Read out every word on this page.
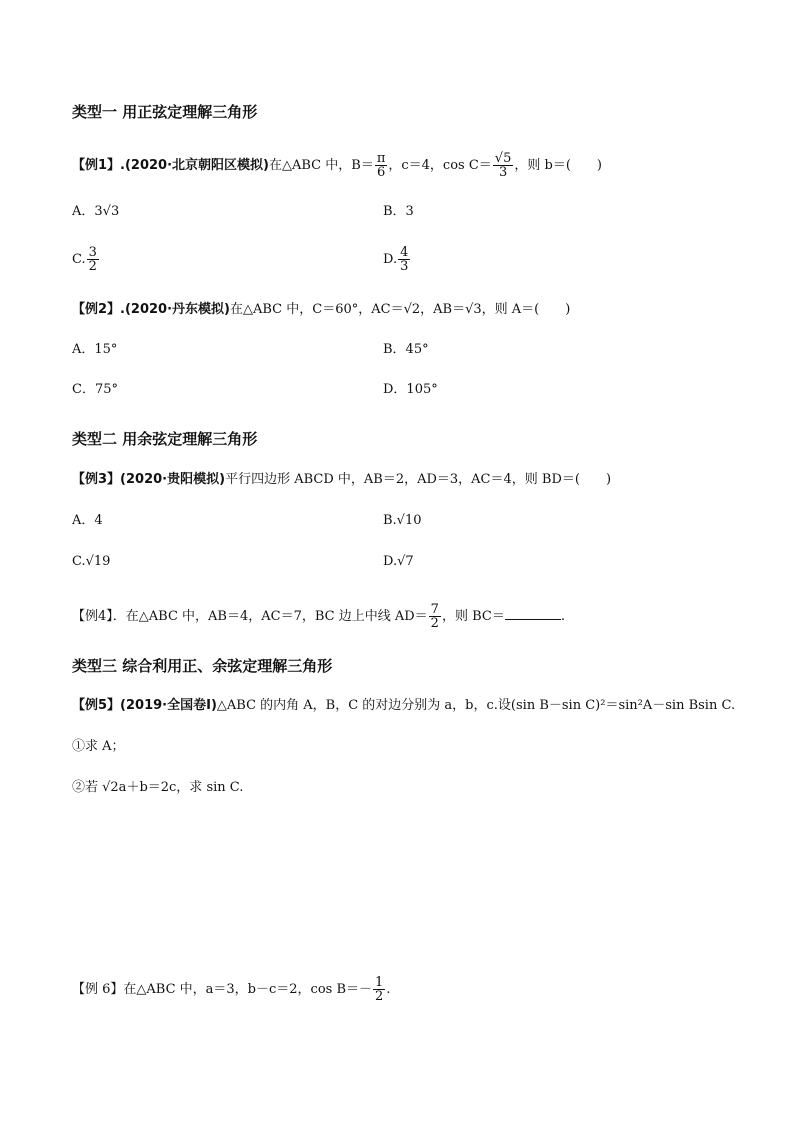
类型一 用正弦定理解三角形
【例1】.(2020·北京朝阳区模拟)在△ABC 中，$B= \frac{\pi}{6}$ ，c＝4，$\cos C= \frac{√5}{3}$ ，则 b＝(　　)
A．3√3	B．3
C. $\frac{3}{2}$	D. $\frac{4}{3}$
【例2】.(2020·丹东模拟)在△ABC 中，C＝60°，AC＝√2，AB＝√3，则 A＝(　　)
A．15°	B．45°
C．75°	D．105°
类型二 用余弦定理解三角形
【例3】(2020·贵阳模拟)平行四边形 ABCD 中，AB＝2，AD＝3，AC＝4，则 BD＝(　　)
A．4	B.√10
C.√19	D.√7
【例4】．在△ABC 中，AB＝4，AC＝7，BC 边上中线 $AD= \frac{7}{2}$ ，则 BC＝	.
类型三 综合利用正、余弦定理解三角形
【例5】(2019·全国卷Ⅰ)△ABC 的内角 A，B，C 的对边分别为 a，b，c.设(sin B－sin C)²＝sin²A－sin Bsin C.
①求 A；
②若 √2a＋b＝2c，求 sin C.
【例 6】在△ABC 中，a＝3，b－c＝2，$\cos B=- \frac{1}{2}$ .
